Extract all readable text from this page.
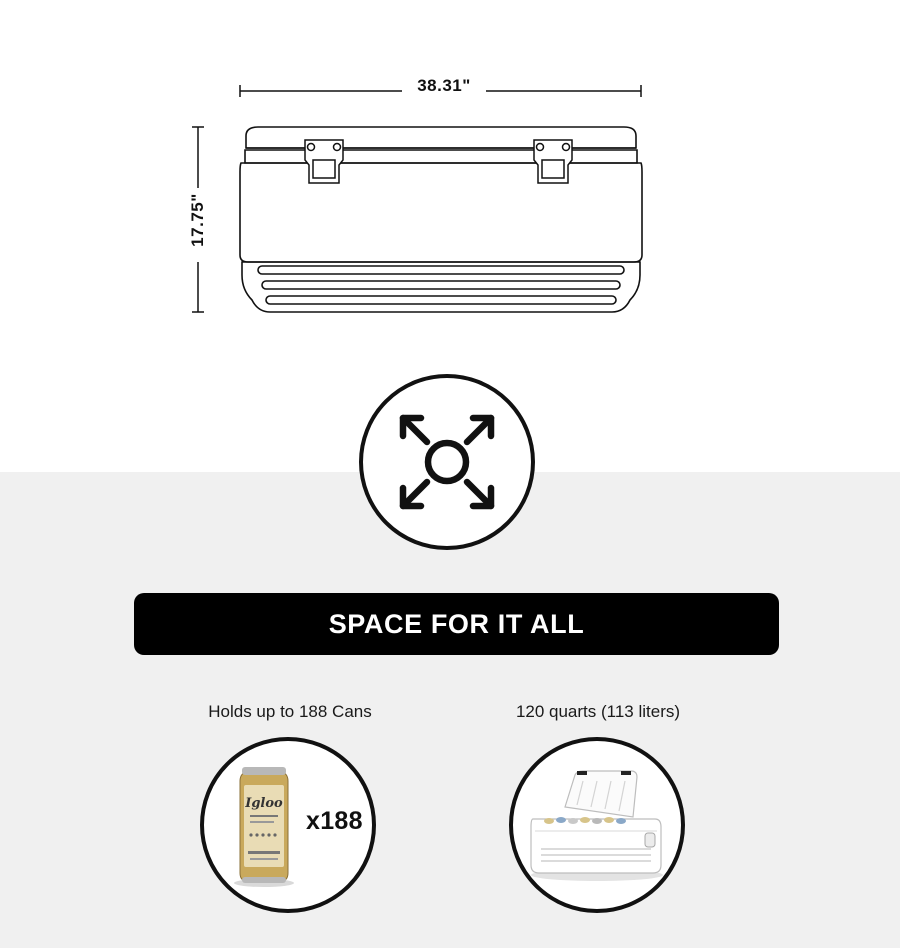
38.31"
17.75"
SPACE FOR IT ALL
Holds up to 188 Cans	120 quarts (113 liters)
Igloo
x188
